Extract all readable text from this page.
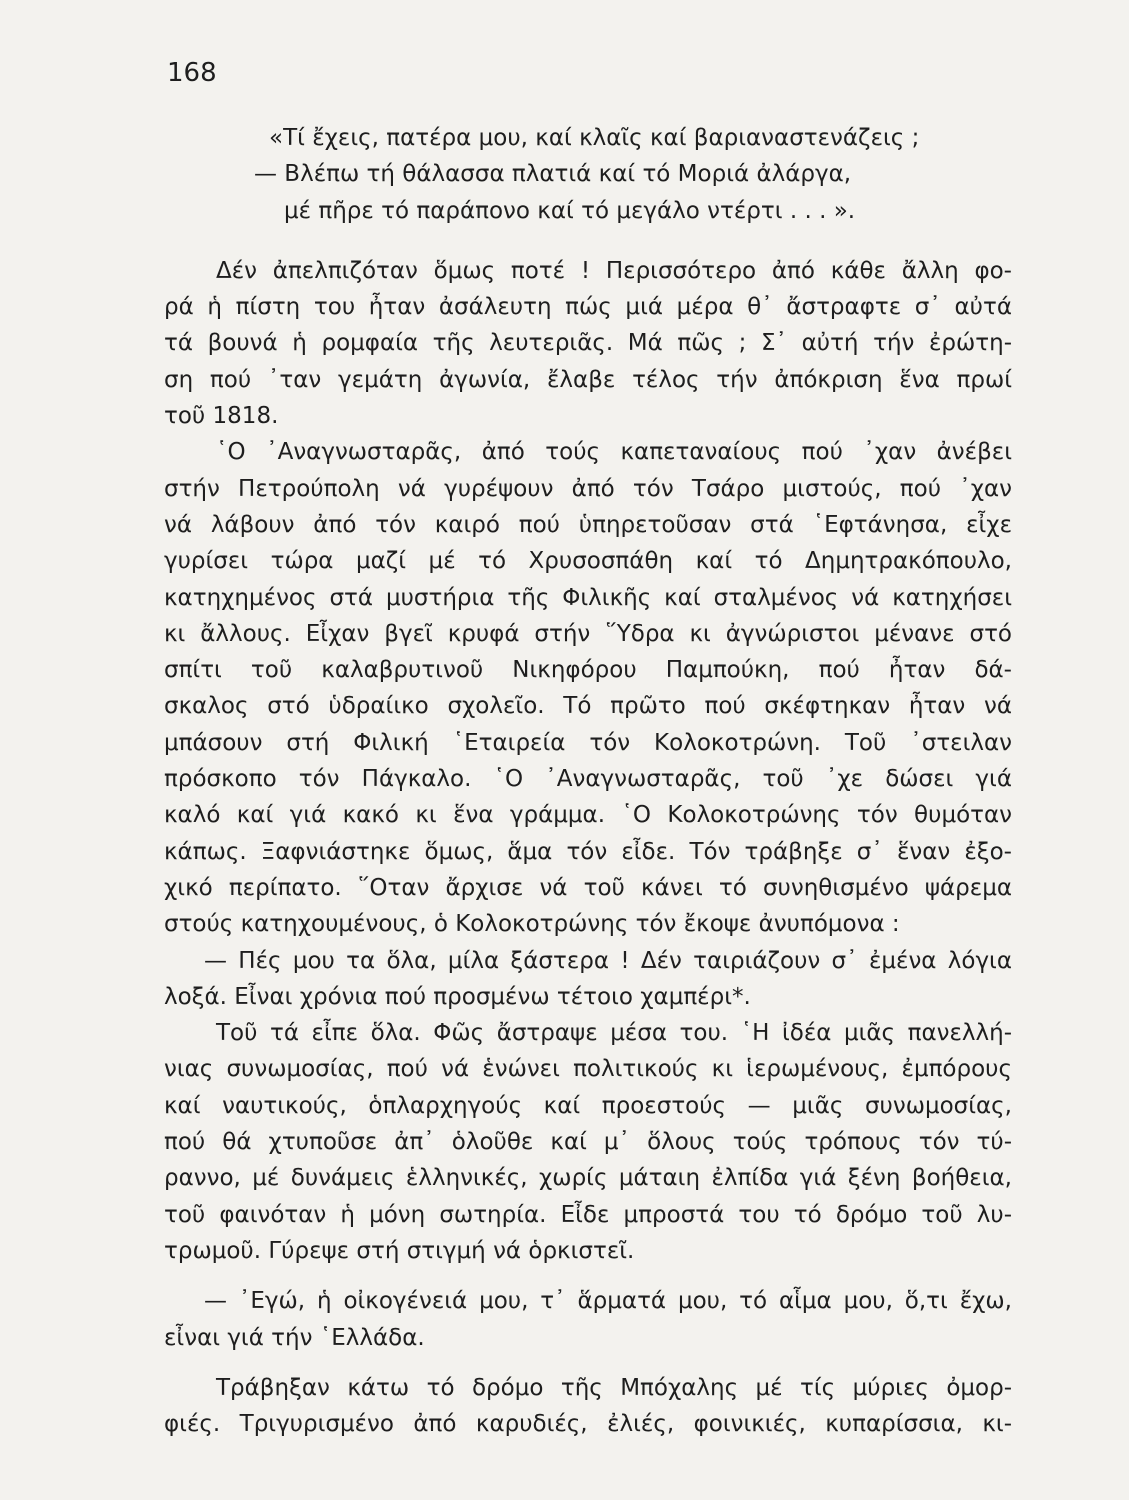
168
«Τί ἔχεις, πατέρα μου, καί κλαῖς καί βαριαναστενάζεις ;
— Βλέπω τή θάλασσα πλατιά καί τό Μοριά ἀλάργα,
μέ πῆρε τό παράπονο καί τό μεγάλο ντέρτι . . . ».
Δέν ἀπελπιζόταν ὅμως ποτέ ! Περισσότερο ἀπό κάθε ἄλλη φο-
ρά ἡ πίστη του ἦταν ἀσάλευτη πώς μιά μέρα θ᾽ ἄστραφτε σ᾽ αὐτά
τά βουνά ἡ ρομφαία τῆς λευτεριᾶς. Μά πῶς ; Σ᾽ αὐτή τήν ἐρώτη-
ση πού ᾽ταν γεμάτη ἀγωνία, ἔλαβε τέλος τήν ἀπόκριση ἕνα πρωί
τοῦ 1818.
῾Ο ᾽Αναγνωσταρᾶς, ἀπό τούς καπεταναίους πού ᾽χαν ἀνέβει
στήν Πετρούπολη νά γυρέψουν ἀπό τόν Τσάρο μιστούς, πού ᾽χαν
νά λάβουν ἀπό τόν καιρό πού ὑπηρετοῦσαν στά ῾Εφτάνησα, εἶχε
γυρίσει τώρα μαζί μέ τό Χρυσοσπάθη καί τό Δημητρακόπουλο,
κατηχημένος στά μυστήρια τῆς Φιλικῆς καί σταλμένος νά κατηχήσει
κι ἄλλους. Εἶχαν βγεῖ κρυφά στήν ῞Υδρα κι ἀγνώριστοι μένανε στό
σπίτι τοῦ καλαβρυτινοῦ Νικηφόρου Παμπούκη, πού ἦταν δά-
σκαλος στό ὑδραίικο σχολεῖο. Τό πρῶτο πού σκέφτηκαν ἦταν νά
μπάσουν στή Φιλική ῾Εταιρεία τόν Κολοκοτρώνη. Τοῦ ᾽στειλαν
πρόσκοπο τόν Πάγκαλο. ῾Ο ᾽Αναγνωσταρᾶς, τοῦ ᾽χε δώσει γιά
καλό καί γιά κακό κι ἕνα γράμμα. ῾Ο Κολοκοτρώνης τόν θυμόταν
κάπως. Ξαφνιάστηκε ὅμως, ἅμα τόν εἶδε. Τόν τράβηξε σ᾽ ἕναν ἐξο-
χικό περίπατο. ῞Οταν ἄρχισε νά τοῦ κάνει τό συνηθισμένο ψάρεμα
στούς κατηχουμένους, ὁ Κολοκοτρώνης τόν ἔκοψε ἀνυπόμονα :
— Πές μου τα ὅλα, μίλα ξάστερα ! Δέν ταιριάζουν σ᾽ ἐμένα λόγια
λοξά. Εἶναι χρόνια πού προσμένω τέτοιο χαμπέρι*.
Τοῦ τά εἶπε ὅλα. Φῶς ἄστραψε μέσα του. ῾Η ἰδέα μιᾶς πανελλή-
νιας συνωμοσίας, πού νά ἑνώνει πολιτικούς κι ἱερωμένους, ἐμπόρους
καί ναυτικούς, ὁπλαρχηγούς καί προεστούς — μιᾶς συνωμοσίας,
πού θά χτυποῦσε ἀπ᾽ ὁλοῦθε καί μ᾽ ὅλους τούς τρόπους τόν τύ-
ραννο, μέ δυνάμεις ἑλληνικές, χωρίς μάταιη ἐλπίδα γιά ξένη βοήθεια,
τοῦ φαινόταν ἡ μόνη σωτηρία. Εἶδε μπροστά του τό δρόμο τοῦ λυ-
τρωμοῦ. Γύρεψε στή στιγμή νά ὁρκιστεῖ.
— ᾽Εγώ, ἡ οἰκογένειά μου, τ᾽ ἅρματά μου, τό αἷμα μου, ὅ,τι ἔχω,
εἶναι γιά τήν ῾Ελλάδα.
Τράβηξαν κάτω τό δρόμο τῆς Μπόχαλης μέ τίς μύριες ὀμορ-
φιές. Τριγυρισμένο ἀπό καρυδιές, ἐλιές, φοινικιές, κυπαρίσσια, κι-
